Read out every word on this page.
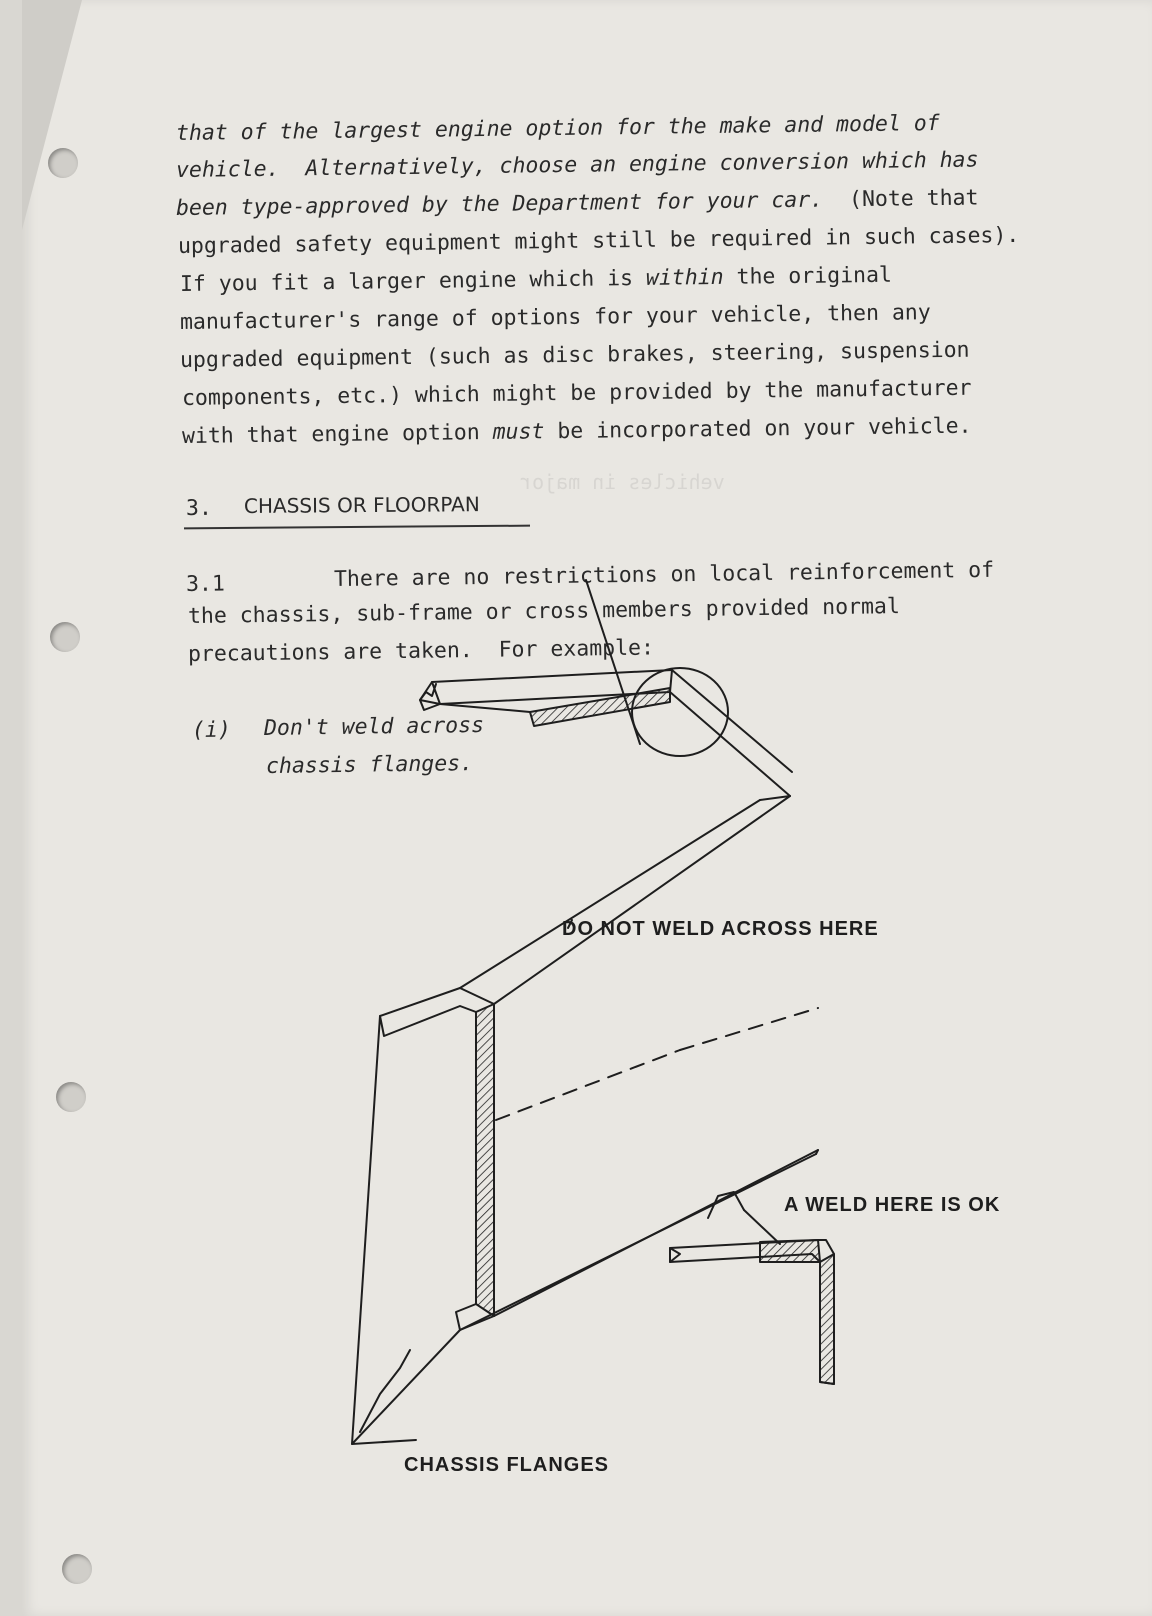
vehicles in major
that of the largest engine option for the make and model of
vehicle.  Alternatively, choose an engine conversion which has
been type-approved by the Department for your car.  (Note that
upgraded safety equipment might still be required in such cases).
If you fit a larger engine which is within the original
manufacturer's range of options for your vehicle, then any
upgraded equipment (such as disc brakes, steering, suspension
components, etc.) which might be provided by the manufacturer
with that engine option must be incorporated on your vehicle.
3. CHASSIS OR FLOORPAN
3.1	There are no restrictions on local reinforcement of
the chassis, sub-frame or cross members provided normal
precautions are taken.  For example:
(i) Don't weld across
chassis flanges.
DO NOT WELD ACROSS HERE
A WELD HERE IS OK
CHASSIS FLANGES
